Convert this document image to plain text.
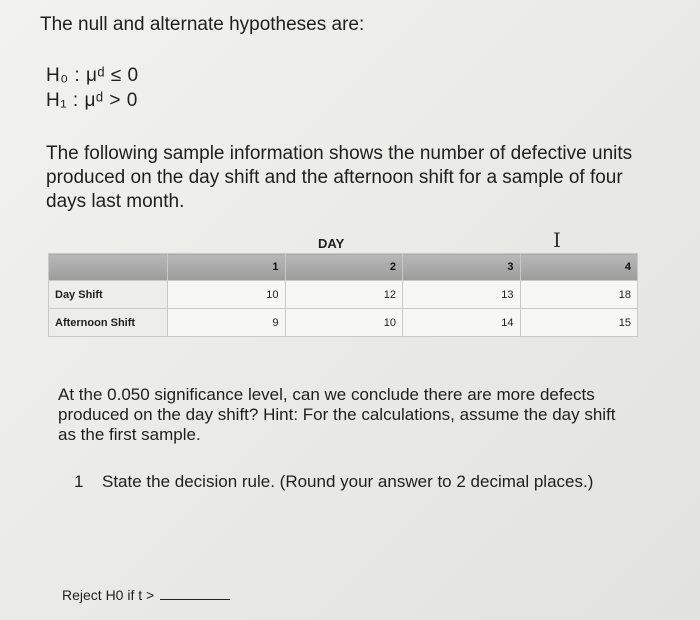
The null and alternate hypotheses are:
H₀ : μᵈ ≤ 0
H₁ : μᵈ > 0
The following sample information shows the number of defective units produced on the day shift and the afternoon shift for a sample of four days last month.
I
DAY
	1	2	3	4
Day Shift	10	12	13	18
Afternoon Shift	9	10	14	15
At the 0.050 significance level, can we conclude there are more defects produced on the day shift? Hint: For the calculations, assume the day shift as the first sample.
1 State the decision rule. (Round your answer to 2 decimal places.)
Reject H0 if t >
